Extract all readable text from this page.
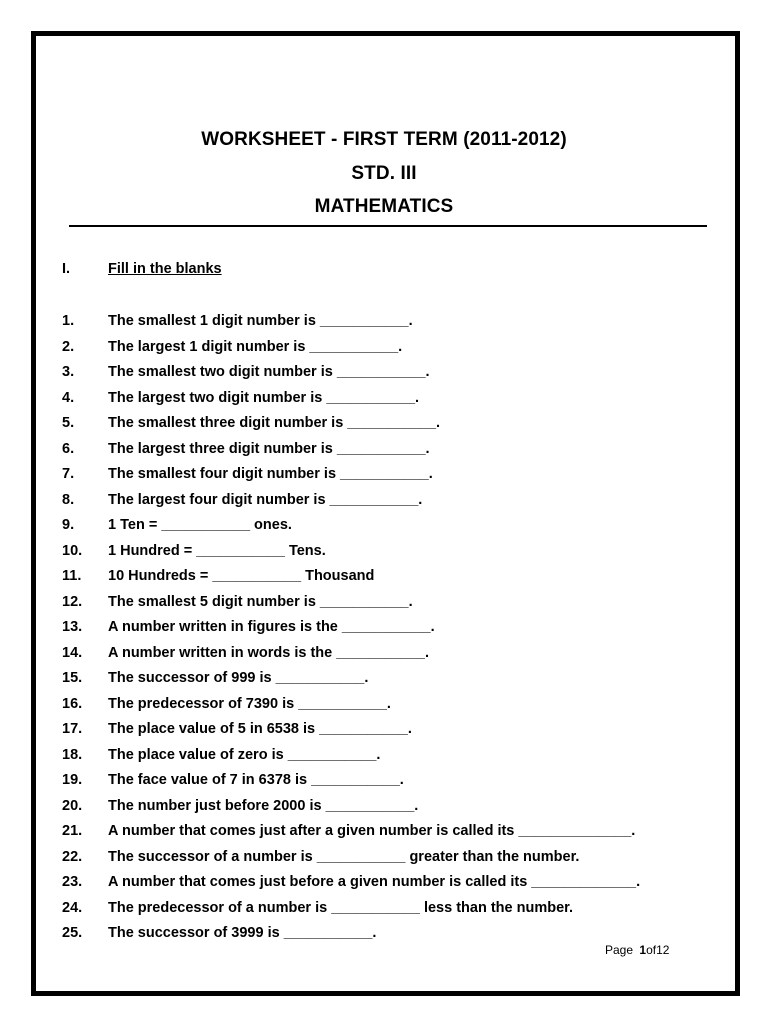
WORKSHEET - FIRST TERM (2011-2012)
STD. III
MATHEMATICS
I.	Fill in the blanks
1. The smallest 1 digit number is ___________.
2. The largest 1 digit number is ___________.
3. The smallest two digit number is ___________.
4. The largest two digit number is ___________.
5. The smallest three digit number is ___________.
6. The largest three digit number is ___________.
7. The smallest four digit number is ___________.
8. The largest four digit number is ___________.
9. 1 Ten = ___________ ones.
10. 1 Hundred = ___________ Tens.
11. 10 Hundreds = ___________ Thousand
12. The smallest 5 digit number is ___________.
13. A number written in figures is the ___________.
14. A number written in words is the ___________.
15. The successor of 999 is ___________.
16. The predecessor of 7390 is ___________.
17. The place value of 5 in 6538 is ___________.
18. The place value of zero is ___________.
19. The face value of 7 in 6378 is ___________.
20. The number just before 2000 is ___________.
21. A number that comes just after a given number is called its ______________.
22. The successor of a number is ___________ greater than the number.
23. A number that comes just before a given number is called its _____________.
24. The predecessor of a number is ___________ less than the number.
25. The successor of 3999 is ___________.
Page 1of12
